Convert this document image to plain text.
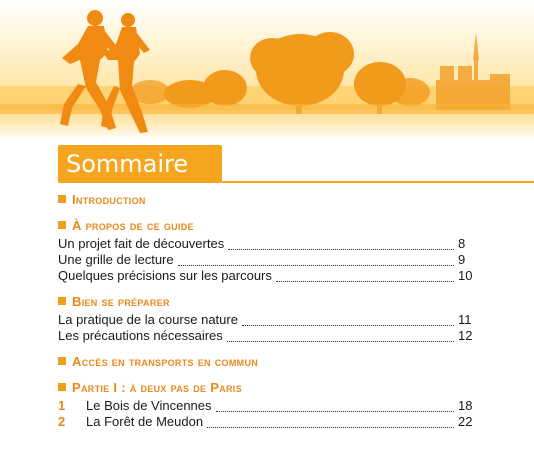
Sommaire
Introduction
À propos de ce guide
Un projet fait de découvertes	8
Une grille de lecture	9
Quelques précisions sur les parcours	10
Bien se préparer
La pratique de la course nature	11
Les précautions nécessaires	12
Accès en transports en commun
Partie I : à deux pas de Paris
1	Le Bois de Vincennes	18
2	La Forêt de Meudon	22
